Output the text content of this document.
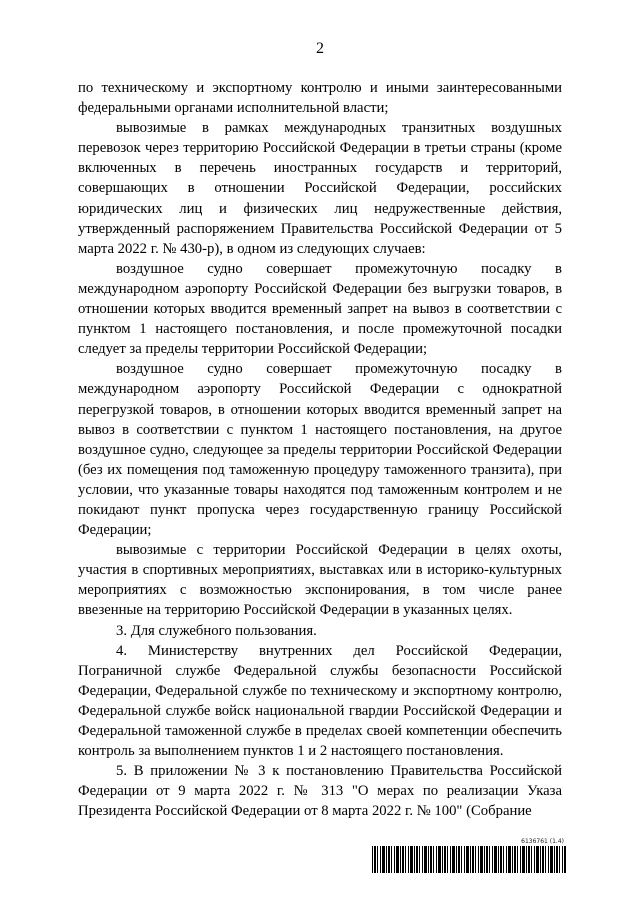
2

по техническому и экспортному контролю и иными заинтересованными федеральными органами исполнительной власти;

вывозимые в рамках международных транзитных воздушных перевозок через территорию Российской Федерации в третьи страны (кроме включенных в перечень иностранных государств и территорий, совершающих в отношении Российской Федерации, российских юридических лиц и физических лиц недружественные действия, утвержденный распоряжением Правительства Российской Федерации от 5 марта 2022 г. № 430-р), в одном из следующих случаев:

воздушное судно совершает промежуточную посадку в международном аэропорту Российской Федерации без выгрузки товаров, в отношении которых вводится временный запрет на вывоз в соответствии с пунктом 1 настоящего постановления, и после промежуточной посадки следует за пределы территории Российской Федерации;

воздушное судно совершает промежуточную посадку в международном аэропорту Российской Федерации с однократной перегрузкой товаров, в отношении которых вводится временный запрет на вывоз в соответствии с пунктом 1 настоящего постановления, на другое воздушное судно, следующее за пределы территории Российской Федерации (без их помещения под таможенную процедуру таможенного транзита), при условии, что указанные товары находятся под таможенным контролем и не покидают пункт пропуска через государственную границу Российской Федерации;

вывозимые с территории Российской Федерации в целях охоты, участия в спортивных мероприятиях, выставках или в историко-культурных мероприятиях с возможностью экспонирования, в том числе ранее ввезенные на территорию Российской Федерации в указанных целях.

3. Для служебного пользования.

4. Министерству внутренних дел Российской Федерации, Пограничной службе Федеральной службы безопасности Российской Федерации, Федеральной службе по техническому и экспортному контролю, Федеральной службе войск национальной гвардии Российской Федерации и Федеральной таможенной службе в пределах своей компетенции обеспечить контроль за выполнением пунктов 1 и 2 настоящего постановления.

5. В приложении № 3 к постановлению Правительства Российской Федерации от 9 марта 2022 г. № 313 "О мерах по реализации Указа Президента Российской Федерации от 8 марта 2022 г. № 100" (Собрание

6136761 (1.4)
